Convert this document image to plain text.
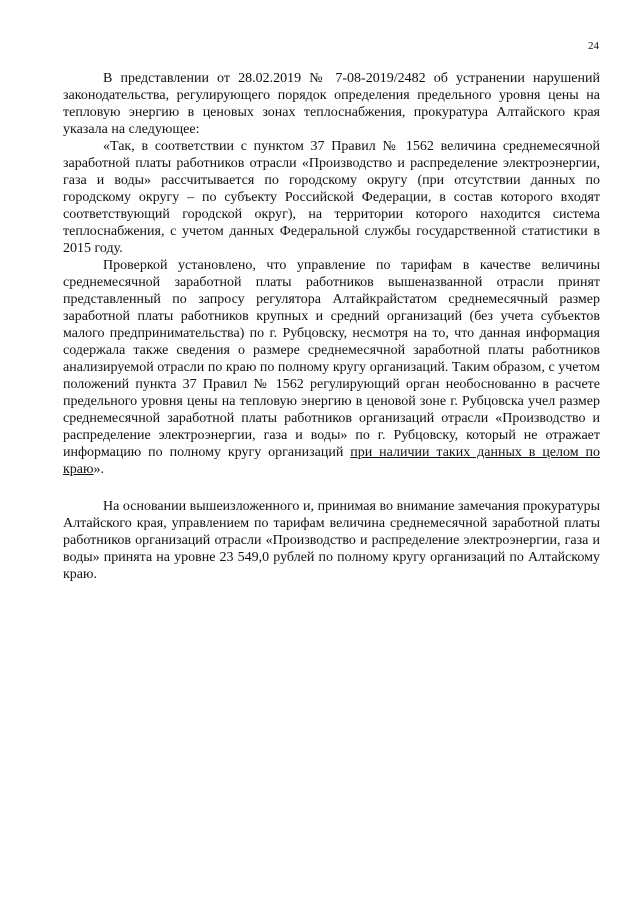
24

В представлении от 28.02.2019 № 7-08-2019/2482 об устранении нарушений законодательства, регулирующего порядок определения предельного уровня цены на тепловую энергию в ценовых зонах теплоснабжения, прокуратура Алтайского края указала на следующее:

«Так, в соответствии с пунктом 37 Правил № 1562 величина среднемесячной заработной платы работников отрасли «Производство и распределение электроэнергии, газа и воды» рассчитывается по городскому округу (при отсутствии данных по городскому округу – по субъекту Российской Федерации, в состав которого входят соответствующий городской округ), на территории которого находится система теплоснабжения, с учетом данных Федеральной службы государственной статистики в 2015 году.

Проверкой установлено, что управление по тарифам в качестве величины среднемесячной заработной платы работников вышеназванной отрасли принят представленный по запросу регулятора Алтайкрайстатом среднемесячный размер заработной платы работников крупных и средний организаций (без учета субъектов малого предпринимательства) по г. Рубцовску, несмотря на то, что данная информация содержала также сведения о размере среднемесячной заработной платы работников анализируемой отрасли по краю по полному кругу организаций. Таким образом, с учетом положений пункта 37 Правил № 1562 регулирующий орган необоснованно в расчете предельного уровня цены на тепловую энергию в ценовой зоне г. Рубцовска учел размер среднемесячной заработной платы работников организаций отрасли «Производство и распределение электроэнергии, газа и воды» по г. Рубцовску, который не отражает информацию по полному кругу организаций при наличии таких данных в целом по краю».

На основании вышеизложенного и, принимая во внимание замечания прокуратуры Алтайского края, управлением по тарифам величина среднемесячной заработной платы работников организаций отрасли «Производство и распределение электроэнергии, газа и воды» принята на уровне 23 549,0 рублей по полному кругу организаций по Алтайскому краю.
